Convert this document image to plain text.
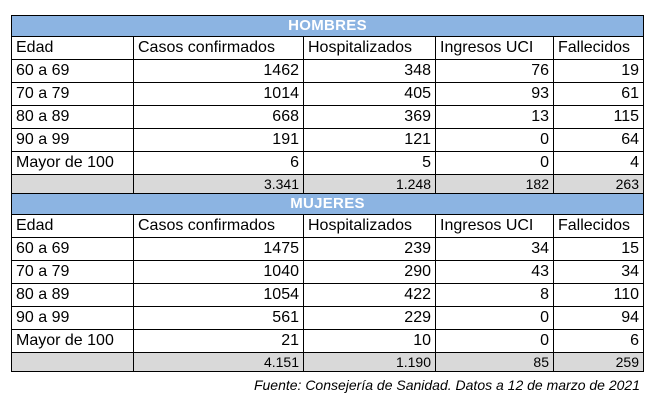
HOMBRES				
Edad	Casos confirmados	Hospitalizados	Ingresos UCI	Fallecidos
60 a 69	1462	348	76	19
70 a 79	1014	405	93	61
80 a 89	668	369	13	115
90 a 99	191	121	0	64
Mayor de 100	6	5	0	4
	3.341	1.248	182	263
MUJERES				
Edad	Casos confirmados	Hospitalizados	Ingresos UCI	Fallecidos
60 a 69	1475	239	34	15
70 a 79	1040	290	43	34
80 a 89	1054	422	8	110
90 a 99	561	229	0	94
Mayor de 100	21	10	0	6
	4.151	1.190	85	259
Fuente: Consejería de Sanidad. Datos a 12 de marzo de 2021
